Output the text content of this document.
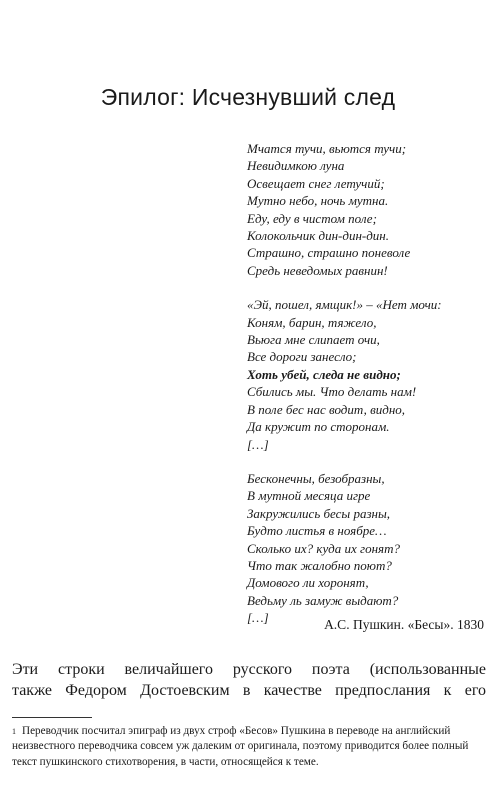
Эпилог: Исчезнувший след
Мчатся тучи, вьются тучи;
Невидимкою луна
Освещает снег летучий;
Мутно небо, ночь мутна.
Еду, еду в чистом поле;
Колокольчик дин-дин-дин.
Страшно, страшно поневоле
Средь неведомых равнин!
«Эй, пошел, ямщик!» – «Нет мочи:
Коням, барин, тяжело,
Вьюга мне слипает очи,
Все дороги занесло;
Хоть убей, следа не видно;
Сбились мы. Что делать нам!
В поле бес нас водит, видно,
Да кружит по сторонам.
[…]
Бесконечны, безобразны,
В мутной месяца игре
Закружились бесы разны,
Будто листья в ноябре…
Сколько их? куда их гонят?
Что так жалобно поют?
Домового ли хоронят,
Ведьму ль замуж выдают?
[…]	А.С. Пушкин. «Бесы». 1830
Эти строки величайшего русского поэта (использованные
также Федором Достоевским в качестве предпослания к его
$^1$ Переводчик посчитал эпиграф из двух строф «Бесов» Пушкина в переводе на английский неизвестного переводчика совсем уж далеким от оригинала, поэтому приводится более полный текст пушкинского стихотворения, в части, относящейся к теме.
